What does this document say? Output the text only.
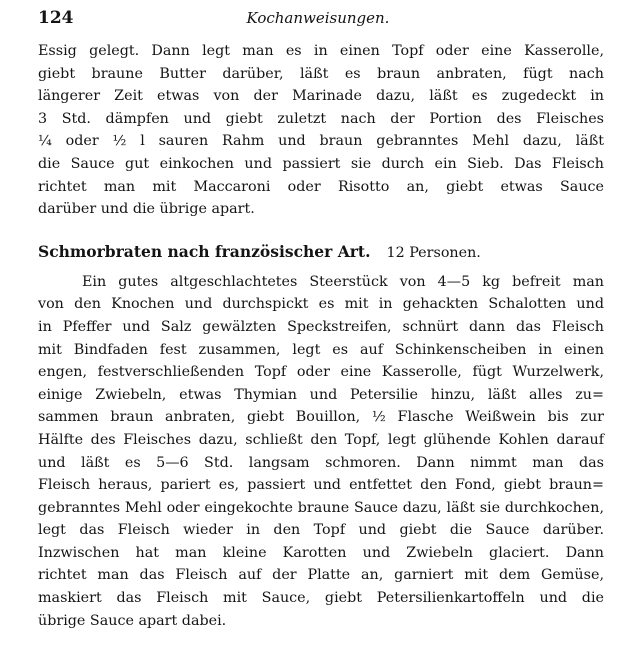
124	Kochanweisungen.
Essig gelegt. Dann legt man es in einen Topf oder eine Kasserolle,
giebt braune Butter darüber, läßt es braun anbraten, fügt nach
längerer Zeit etwas von der Marinade dazu, läßt es zugedeckt in
3 Std. dämpfen und giebt zuletzt nach der Portion des Fleisches
¼ oder ½ l sauren Rahm und braun gebranntes Mehl dazu, läßt
die Sauce gut einkochen und passiert sie durch ein Sieb. Das Fleisch
richtet man mit Maccaroni oder Risotto an, giebt etwas Sauce
darüber und die übrige apart.
Schmorbraten nach französischer Art. 12 Personen.
Ein gutes altgeschlachtetes Steerstück von 4—5 kg befreit man
von den Knochen und durchspickt es mit in gehackten Schalotten und
in Pfeffer und Salz gewälzten Speckstreifen, schnürt dann das Fleisch
mit Bindfaden fest zusammen, legt es auf Schinkenscheiben in einen
engen, festverschließenden Topf oder eine Kasserolle, fügt Wurzelwerk,
einige Zwiebeln, etwas Thymian und Petersilie hinzu, läßt alles zu=
sammen braun anbraten, giebt Bouillon, ½ Flasche Weißwein bis zur
Hälfte des Fleisches dazu, schließt den Topf, legt glühende Kohlen darauf
und läßt es 5—6 Std. langsam schmoren. Dann nimmt man das
Fleisch heraus, pariert es, passiert und entfettet den Fond, giebt braun=
gebranntes Mehl oder eingekochte braune Sauce dazu, läßt sie durchkochen,
legt das Fleisch wieder in den Topf und giebt die Sauce darüber.
Inzwischen hat man kleine Karotten und Zwiebeln glaciert. Dann
richtet man das Fleisch auf der Platte an, garniert mit dem Gemüse,
maskiert das Fleisch mit Sauce, giebt Petersilienkartoffeln und die
übrige Sauce apart dabei.
